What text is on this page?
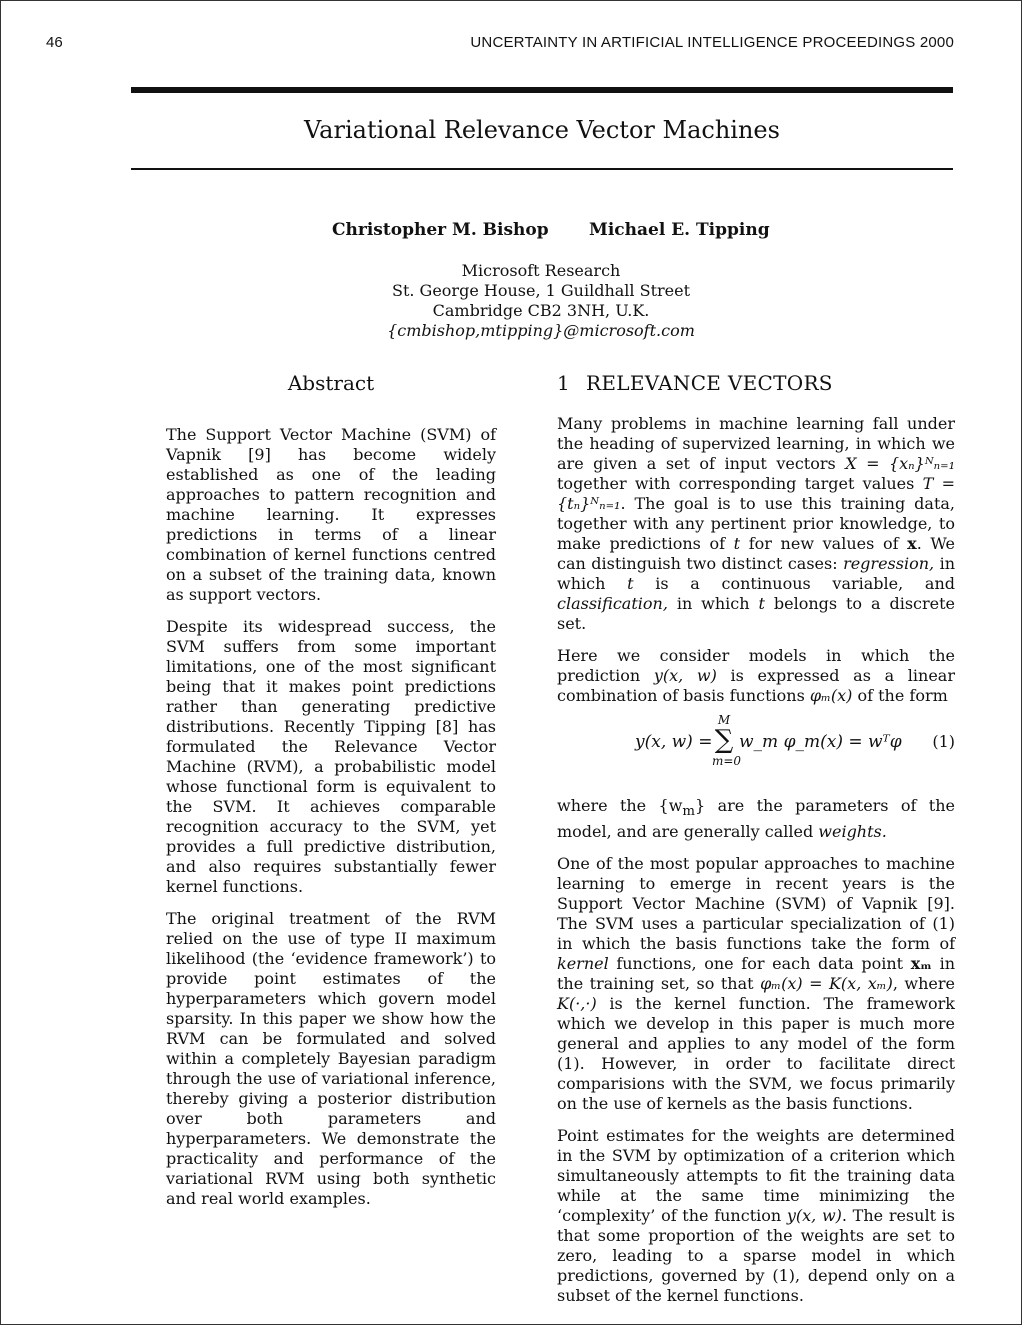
46	UNCERTAINTY IN ARTIFICIAL INTELLIGENCE PROCEEDINGS 2000
Variational Relevance Vector Machines
Christopher M. Bishop Michael E. Tipping
Microsoft Research
St. George House, 1 Guildhall Street
Cambridge CB2 3NH, U.K.
{cmbishop,mtipping}@microsoft.com
Abstract	1 RELEVANCE VECTORS

The Support Vector Machine (SVM) of Vapnik [9] has become widely established as one of the leading approaches to pattern recognition and machine learning. It expresses predictions in terms of a linear combination of kernel functions centred on a subset of the training data, known as support vectors.

Despite its widespread success, the SVM suffers from some important limitations, one of the most significant being that it makes point predictions rather than generating predictive distributions. Recently Tipping [8] has formulated the Relevance Vector Machine (RVM), a probabilistic model whose functional form is equivalent to the SVM. It achieves comparable recognition accuracy to the SVM, yet provides a full predictive distribution, and also requires substantially fewer kernel functions.

The original treatment of the RVM relied on the use of type II maximum likelihood (the ‘evidence framework’) to provide point estimates of the hyperparameters which govern model sparsity. In this paper we show how the RVM can be formulated and solved within a completely Bayesian paradigm through the use of variational inference, thereby giving a posterior distribution over both parameters and hyperparameters. We demonstrate the practicality and performance of the variational RVM using both synthetic and real world examples.

Many problems in machine learning fall under the heading of supervized learning, in which we are given a set of input vectors X = {xₙ}ᴺₙ₌₁ together with corresponding target values T = {tₙ}ᴺₙ₌₁. The goal is to use this training data, together with any pertinent prior knowledge, to make predictions of t for new values of x. We can distinguish two distinct cases: regression, in which t is a continuous variable, and classification, in which t belongs to a discrete set.

Here we consider models in which the prediction y(x, w) is expressed as a linear combination of basis functions φₘ(x) of the form

y(x, w) =
M
∑
m=0
w_m φ_m(x) = wᵀφ (1)

where the $\{w_m\}$ are the parameters of the model, and are generally called weights.

One of the most popular approaches to machine learning to emerge in recent years is the Support Vector Machine (SVM) of Vapnik [9]. The SVM uses a particular specialization of (1) in which the basis functions take the form of kernel functions, one for each data point xₘ in the training set, so that φₘ(x) = K(x, xₘ), where K(·,·) is the kernel function. The framework which we develop in this paper is much more general and applies to any model of the form (1). However, in order to facilitate direct comparisions with the SVM, we focus primarily on the use of kernels as the basis functions.

Point estimates for the weights are determined in the SVM by optimization of a criterion which simultaneously attempts to fit the training data while at the same time minimizing the ‘complexity’ of the function y(x, w). The result is that some proportion of the weights are set to zero, leading to a sparse model in which predictions, governed by (1), depend only on a subset of the kernel functions.
